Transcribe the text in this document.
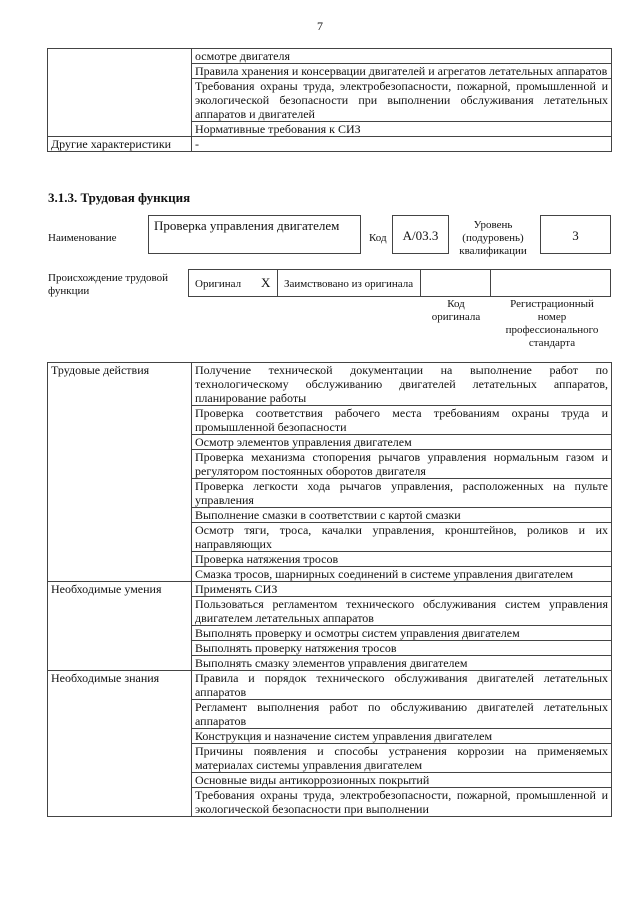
7
	осмотре двигателя
	Правила хранения и консервации двигателей и агрегатов летательных аппаратов
	Требования охраны труда, электробезопасности, пожарной, промышленной и экологической безопасности при выполнении обслуживания летательных аппаратов и двигателей
	Нормативные требования к СИЗ
Другие характеристики	-
3.1.3. Трудовая функция
Наименование
Проверка управления двигателем
Код	А/03.3
Уровень (подуровень) квалификации
3
Происхождение трудовой функции
Оригинал X Заимствовано из оригинала
Код оригинала
Регистрационный номер профессионального стандарта
Трудовые действия	Получение технической документации на выполнение работ по технологическому обслуживанию двигателей летательных аппаратов, планирование работы
	Проверка соответствия рабочего места требованиям охраны труда и промышленной безопасности
	Осмотр элементов управления двигателем
	Проверка механизма стопорения рычагов управления нормальным газом и регулятором постоянных оборотов двигателя
	Проверка легкости хода рычагов управления, расположенных на пульте управления
	Выполнение смазки в соответствии с картой смазки
	Осмотр тяги, троса, качалки управления, кронштейнов, роликов и их направляющих
	Проверка натяжения тросов
	Смазка тросов, шарнирных соединений в системе управления двигателем
Необходимые умения	Применять СИЗ
	Пользоваться регламентом технического обслуживания систем управления двигателем летательных аппаратов
	Выполнять проверку и осмотры систем управления двигателем
	Выполнять проверку натяжения тросов
	Выполнять смазку элементов управления двигателем
Необходимые знания	Правила и порядок технического обслуживания двигателей летательных аппаратов
	Регламент выполнения работ по обслуживанию двигателей летательных аппаратов
	Конструкция и назначение систем управления двигателем
	Причины появления и способы устранения коррозии на применяемых материалах системы управления двигателем
	Основные виды антикоррозионных покрытий
	Требования охраны труда, электробезопасности, пожарной, промышленной и экологической безопасности при выполнении
